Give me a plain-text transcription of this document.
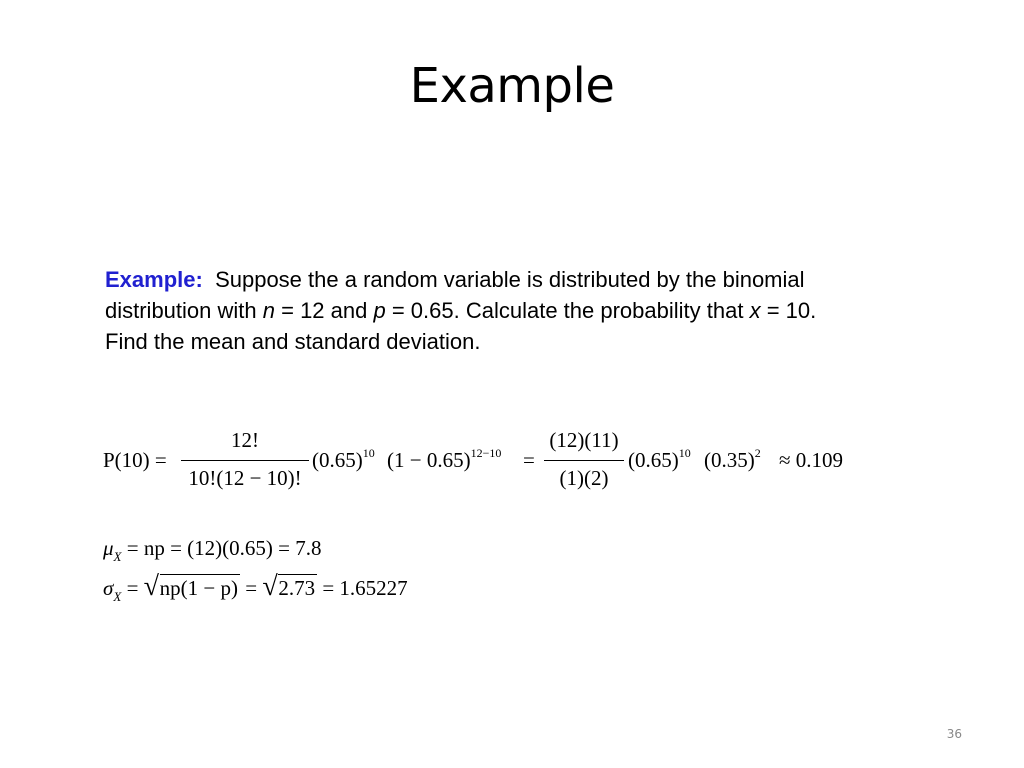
Example
Example: Suppose the a random variable is distributed by the binomial distribution with n = 12 and p = 0.65. Calculate the probability that x = 10. Find the mean and standard deviation.
P(10) =
12!
10!(12 − 10)!
$(0.65)^{10}$ $(1 - 0.65)^{12-10}$ =
(12)(11)
(1)(2)
$(0.65)^{10}$ $(0.35)^2 \approx 0.109$
$\mu_X$ = np = (12)(0.65) = 7.8
$\sigma_X$ = √ np(1 − p) = √ 2.73 = 1.65227
36
